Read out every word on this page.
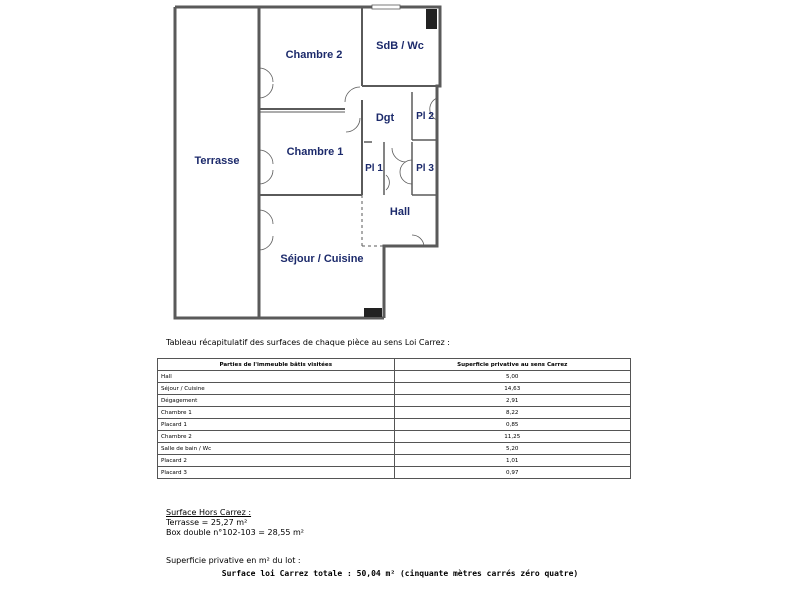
Terrasse
Chambre 2
SdB / Wc
Dgt Pl 2
Chambre 1
Pl 1	Pl 3
Hall
Séjour / Cuisine
Tableau récapitulatif des surfaces de chaque pièce au sens Loi Carrez :
Parties de l'immeuble bâtis visitées	Superficie privative au sens Carrez
Hall	5,00
Séjour / Cuisine	14,63
Dégagement	2,91
Chambre 1	8,22
Placard 1	0,85
Chambre 2	11,25
Salle de bain / Wc	5,20
Placard 2	1,01
Placard 3	0,97
Surface Hors Carrez :
Terrasse = 25,27 m²
Box double n°102-103 = 28,55 m²
Superficie privative en m² du lot :
Surface loi Carrez totale : 50,04 m² (cinquante mètres carrés zéro quatre)
